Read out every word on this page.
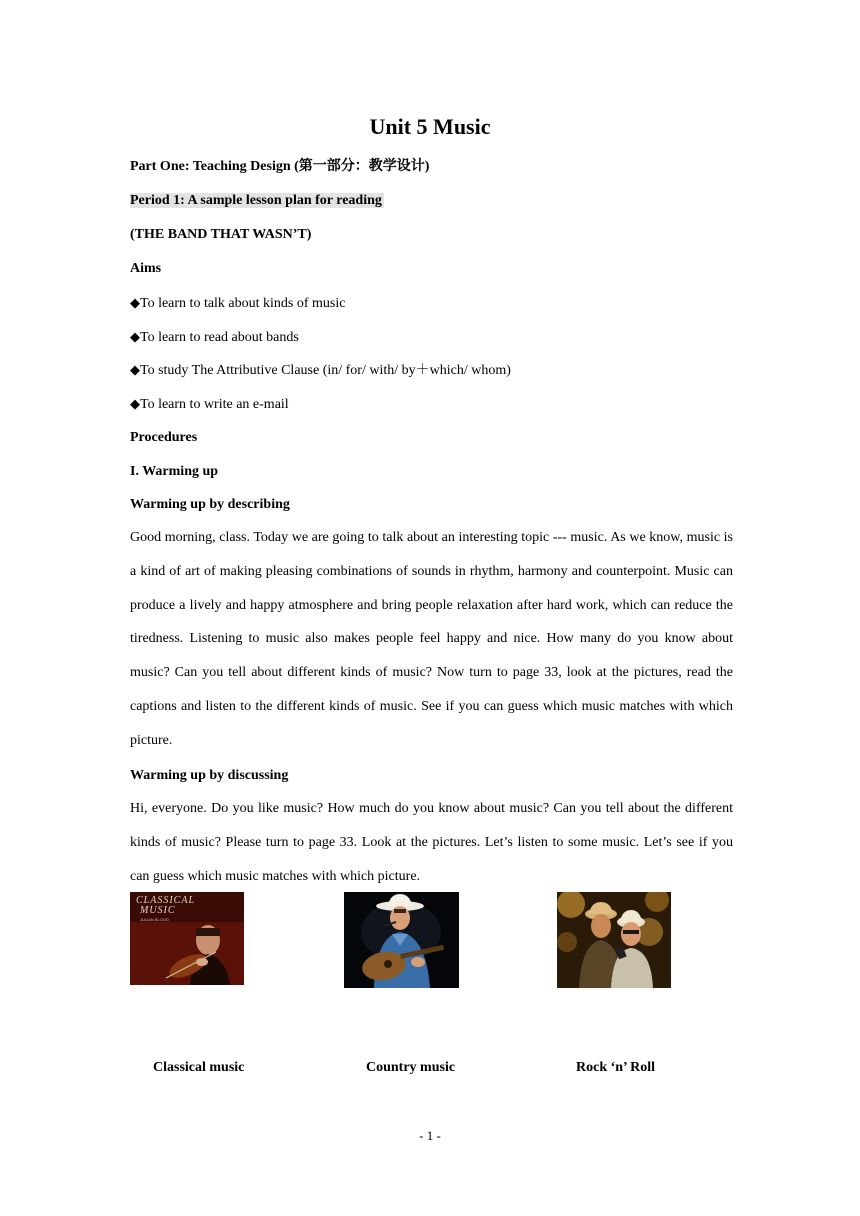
Unit 5 Music
Part One: Teaching Design (第一部分：教学设计)
Period 1: A sample lesson plan for reading
(THE BAND THAT WASN’T)
Aims
◆To learn to talk about kinds of music
◆To learn to read about bands
◆To study The Attributive Clause (in/ for/ with/ by＋which/ whom)
◆To learn to write an e-mail
Procedures
I. Warming up
Warming up by describing
Good morning, class. Today we are going to talk about an interesting topic --- music. As we know, music is a kind of art of making pleasing combinations of sounds in rhythm, harmony and counterpoint. Music can produce a lively and happy atmosphere and bring people relaxation after hard work, which can reduce the tiredness. Listening to music also makes people feel happy and nice. How many do you know about music? Can you tell about different kinds of music? Now turn to page 33, look at the pictures, read the captions and listen to the different kinds of music. See if you can guess which music matches with which picture.
Warming up by discussing
Hi, everyone. Do you like music? How much do you know about music? Can you tell about the different kinds of music? Please turn to page 33. Look at the pictures. Let’s listen to some music. Let’s see if you can guess which music matches with which picture.
CLASSICAL
MUSIC
JULIAN BLOOD
Classical music	Country music	Rock ‘n’ Roll
- 1 -
